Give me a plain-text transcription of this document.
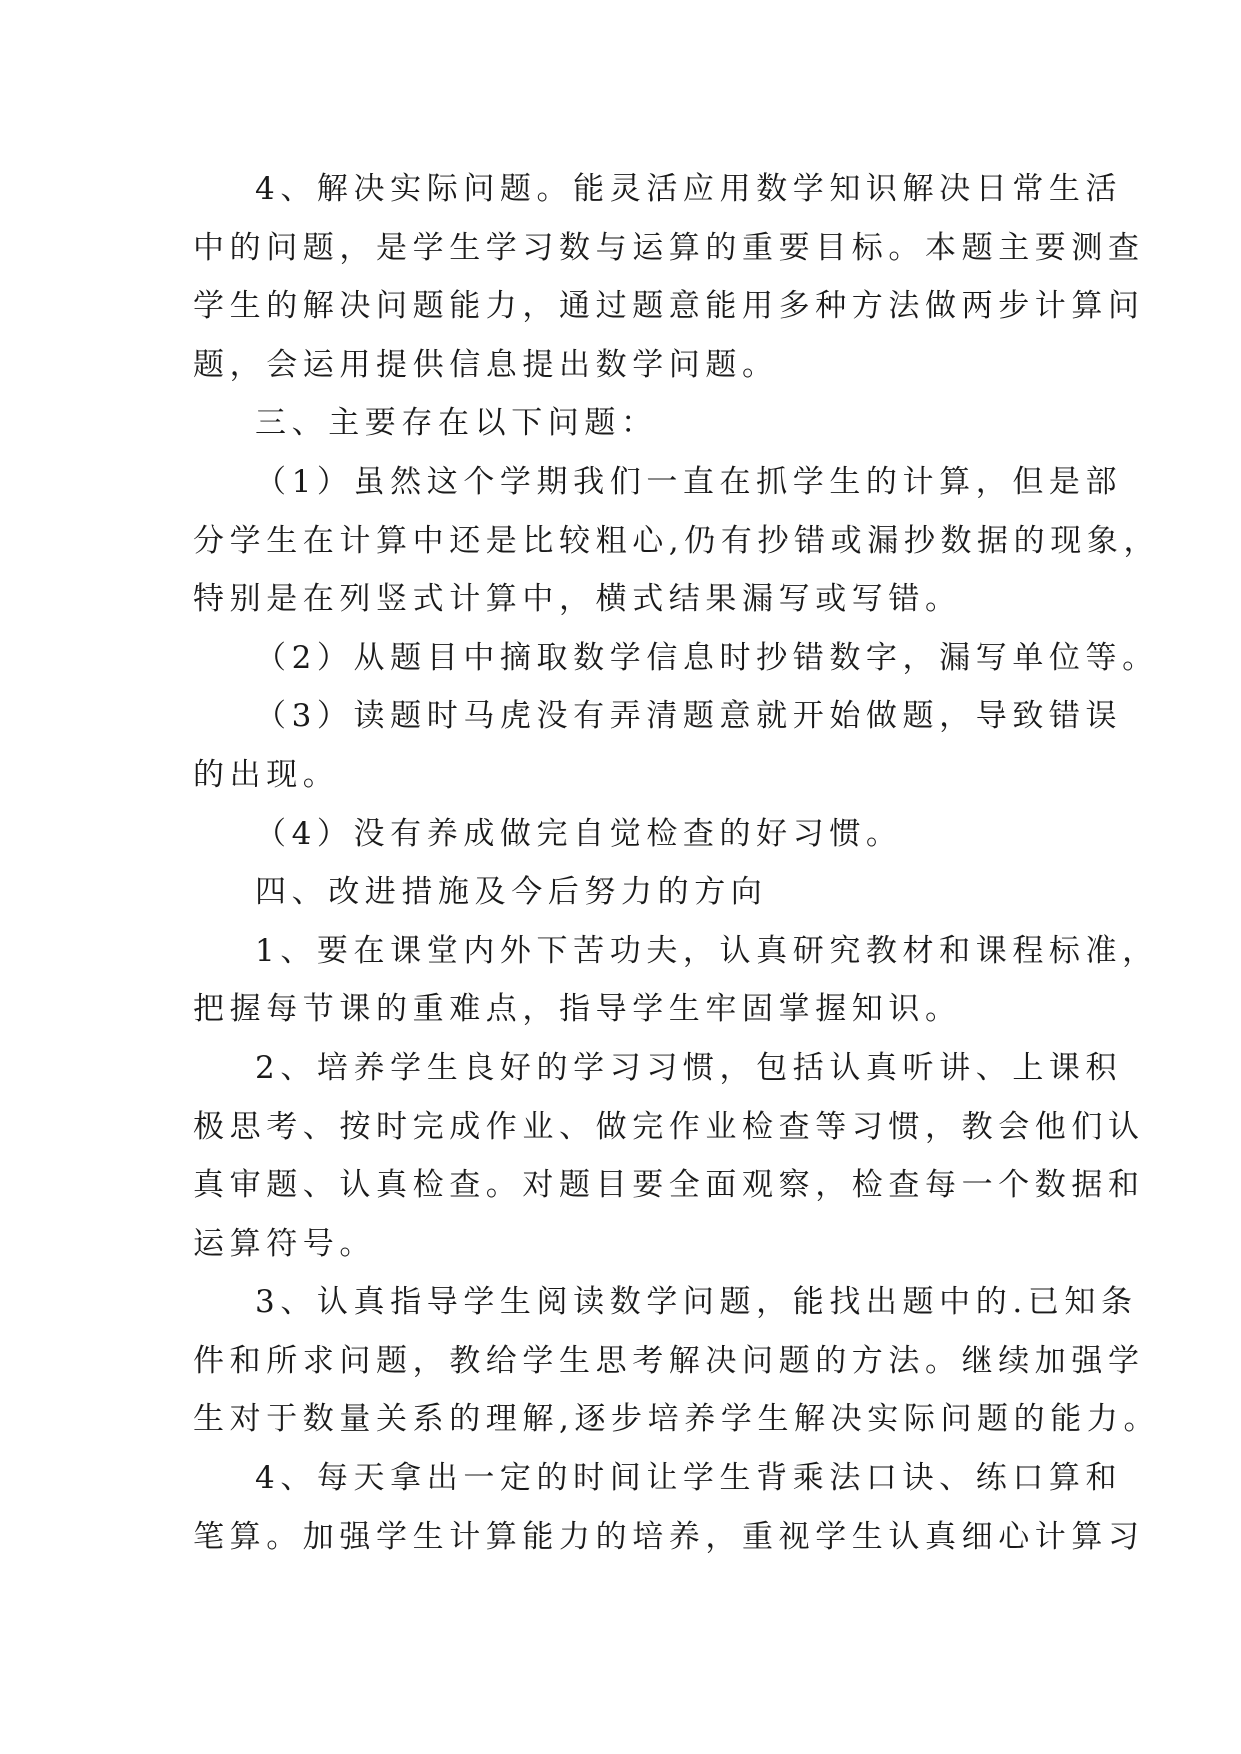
4、解决实际问题。能灵活应用数学知识解决日常生活
中的问题，是学生学习数与运算的重要目标。本题主要测查
学生的解决问题能力，通过题意能用多种方法做两步计算问
题，会运用提供信息提出数学问题。
三、主要存在以下问题：
（1）虽然这个学期我们一直在抓学生的计算，但是部
分学生在计算中还是比较粗心,仍有抄错或漏抄数据的现象，
特别是在列竖式计算中，横式结果漏写或写错。
（2）从题目中摘取数学信息时抄错数字，漏写单位等。
（3）读题时马虎没有弄清题意就开始做题，导致错误
的出现。
（4）没有养成做完自觉检查的好习惯。
四、改进措施及今后努力的方向
1、要在课堂内外下苦功夫，认真研究教材和课程标准，
把握每节课的重难点，指导学生牢固掌握知识。
2、培养学生良好的学习习惯，包括认真听讲、上课积
极思考、按时完成作业、做完作业检查等习惯，教会他们认
真审题、认真检查。对题目要全面观察，检查每一个数据和
运算符号。
3、认真指导学生阅读数学问题，能找出题中的.已知条
件和所求问题，教给学生思考解决问题的方法。继续加强学
生对于数量关系的理解,逐步培养学生解决实际问题的能力。
4、每天拿出一定的时间让学生背乘法口诀、练口算和
笔算。加强学生计算能力的培养，重视学生认真细心计算习
